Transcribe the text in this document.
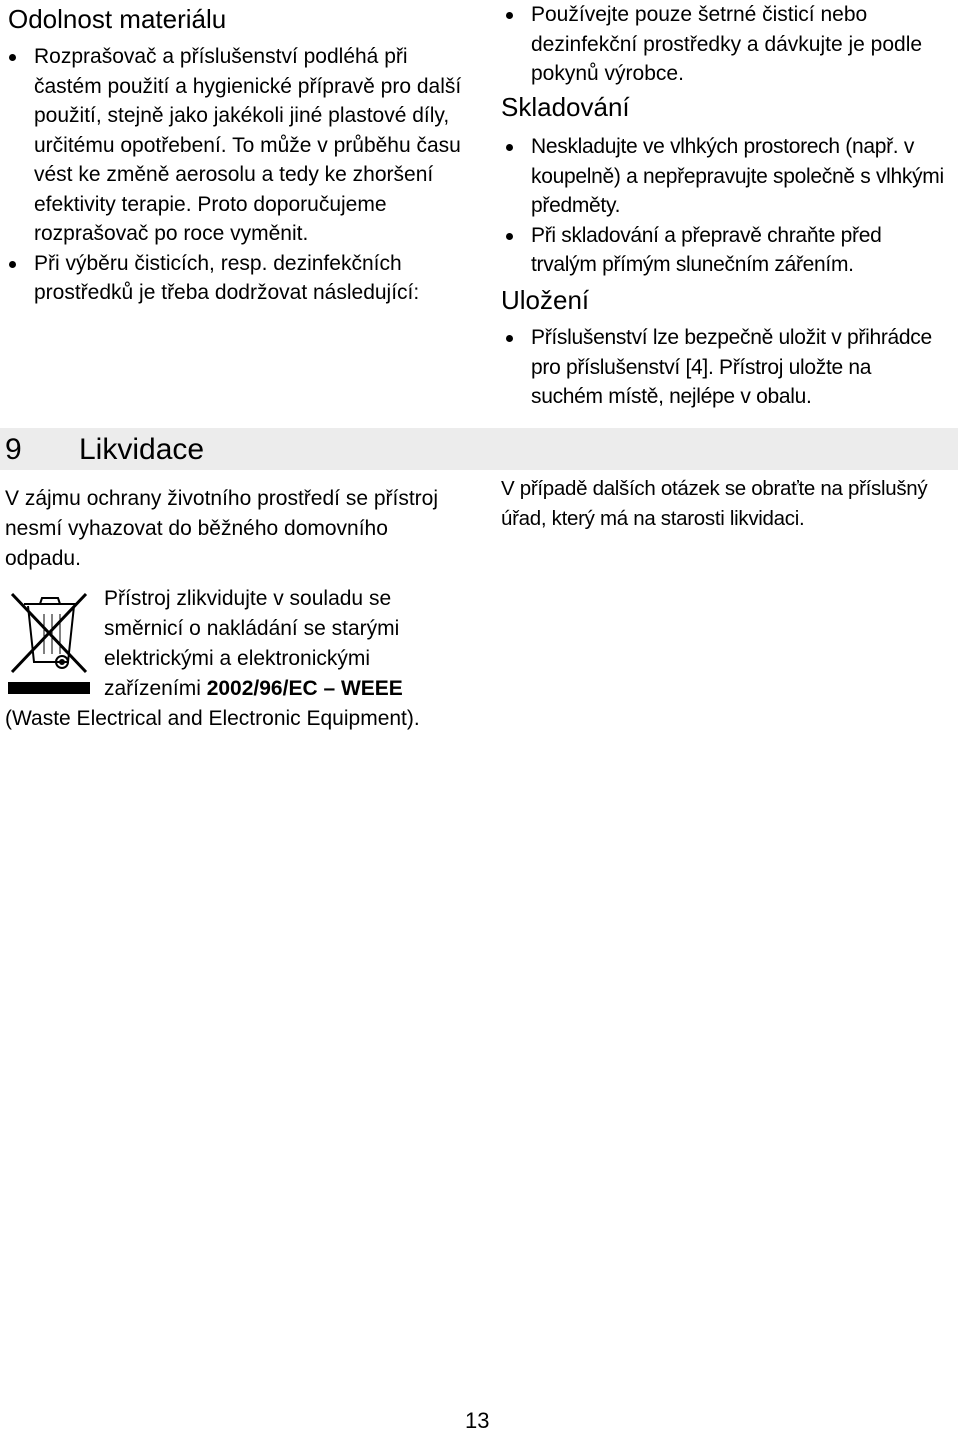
Odolnost materiálu
Rozprašovač a příslušenství podléhá při častém použití a hygienické přípravě pro další použití, stejně jako jakékoli jiné plastové díly, určitému opotřebení. To může v průběhu času vést ke změně aerosolu a tedy ke zhoršení efektivity terapie. Proto doporučujeme rozprašovač po roce vyměnit.
Při výběru čisticích, resp. dezinfekčních prostředků je třeba dodržovat následující:
9 Likvidace

V zájmu ochrany životního prostředí se přístroj nesmí vyhazovat do běžného domovního odpadu.

Přístroj zlikvidujte v souladu se směrnicí o nakládání se starými elektrickými a elektronickými zařízeními 2002/96/EC – WEEE

(Waste Electrical and Electronic Equipment).

Používejte pouze šetrné čisticí nebo dezinfekční prostředky a dávkujte je podle pokynů výrobce.
Skladování
Neskladujte ve vlhkých prostorech (např. v koupelně) a nepřepravujte společně s vlhkými předměty.
Při skladování a přepravě chraňte před trvalým přímým slunečním zářením.
Uložení
Příslušenství lze bezpečně uložit v přihrádce pro příslušenství [4]. Přístroj uložte na suchém místě, nejlépe v obalu.

V případě dalších otázek se obraťte na příslušný úřad, který má na starosti likvidaci.

13
